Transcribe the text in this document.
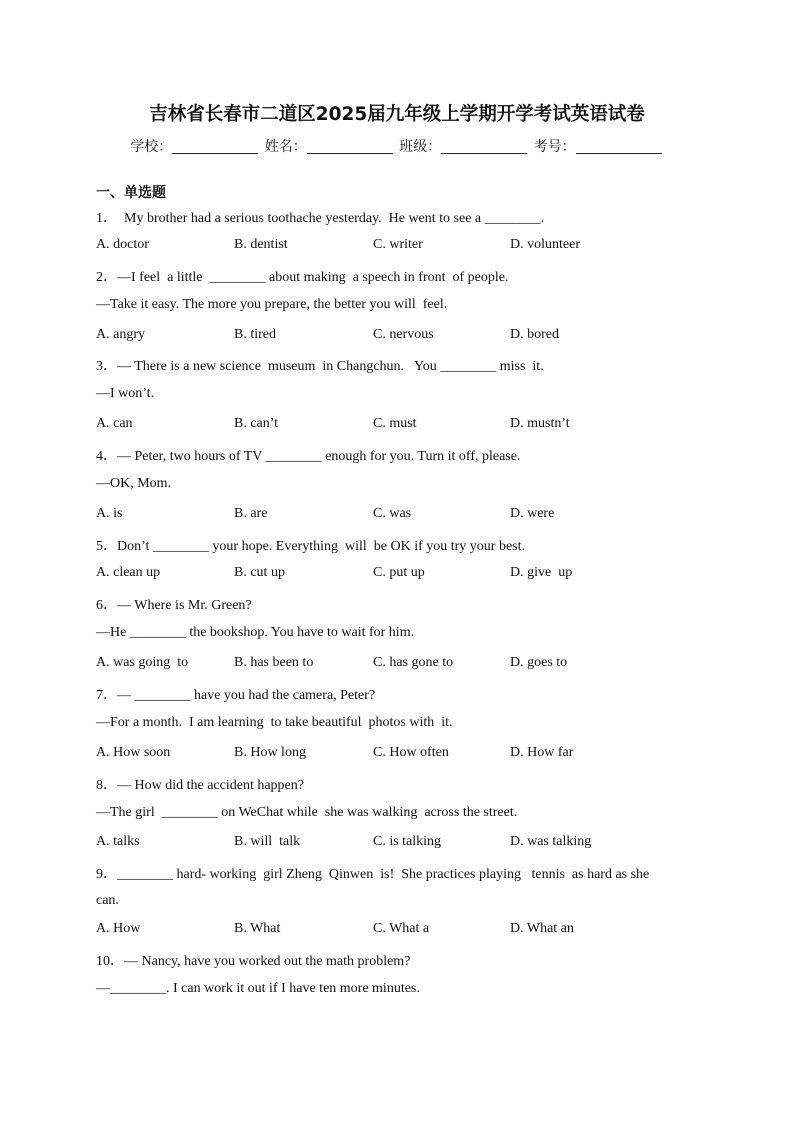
吉林省长春市二道区2025届九年级上学期开学考试英语试卷
学校：	姓名：	班级：	考号：
一、单选题
1．  My brother had a serious toothache yesterday.  He went to see a ________.
A. doctor	B. dentist	C. writer	D. volunteer
2．—I feel  a little  ________ about making  a speech in front  of people.
—Take it easy. The more you prepare, the better you will  feel.
A. angry	B. tired	C. nervous	D. bored
3．— There is a new science  museum  in Changchun.   You ________ miss  it.
—I won’t.
A. can	B. can’t	C. must	D. mustn’t
4．— Peter, two hours of TV ________ enough for you. Turn it off, please.
—OK, Mom.
A. is	B. are	C. was	D. were
5．Don’t ________ your hope. Everything  will  be OK if you try your best.
A. clean up	B. cut up	C. put up	D. give  up
6．— Where is Mr. Green?
—He ________ the bookshop. You have to wait for him.
A. was going  to	B. has been to	C. has gone to	D. goes to
7．— ________ have you had the camera, Peter?
—For a month.  I am learning  to take beautiful  photos with  it.
A. How soon	B. How long	C. How often	D. How far
8．— How did the accident happen?
—The girl  ________ on WeChat while  she was walking  across the street.
A. talks	B. will  talk	C. is talking	D. was talking
9．________ hard- working  girl Zheng  Qinwen  is!  She practices playing   tennis  as hard as she
can.
A. How	B. What	C. What a	D. What an
10．— Nancy, have you worked out the math problem?
—________. I can work it out if I have ten more minutes.
